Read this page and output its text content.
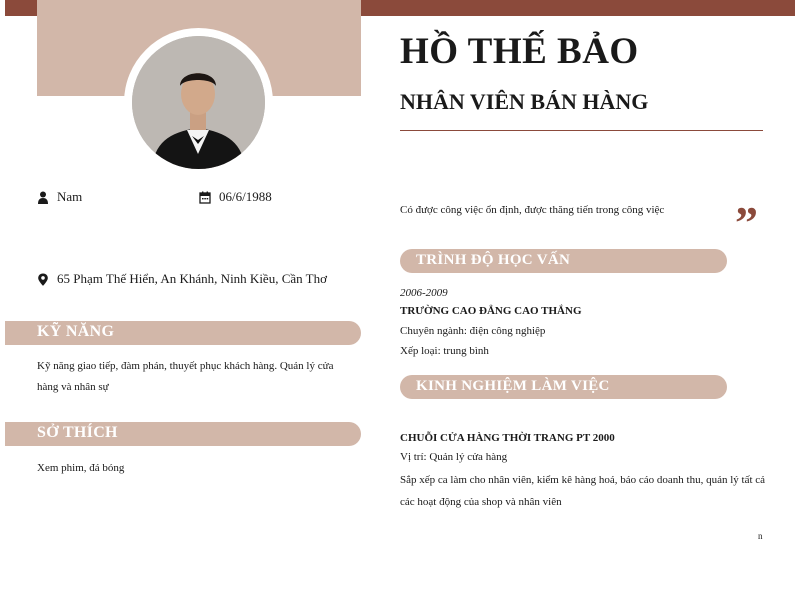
HỒ THẾ BẢO
NHÂN VIÊN BÁN HÀNG
Nam	06/6/1988
65 Phạm Thế Hiển, An Khánh, Ninh Kiều, Cần Thơ
KỸ NĂNG
Kỹ năng giao tiếp, đàm phán, thuyết phục khách hàng. Quản lý cửa hàng và nhân sự
SỞ THÍCH
Xem phim, đá bóng
Có được công việc ổn định, được thăng tiến trong công việc	”
TRÌNH ĐỘ HỌC VẤN
2006-2009
TRƯỜNG CAO ĐẲNG CAO THẮNG
Chuyên ngành: điện công nghiệp
Xếp loại: trung bình
KINH NGHIỆM LÀM VIỆC
CHUỖI CỬA HÀNG THỜI TRANG PT 2000
Vị trí: Quản lý cửa hàng
Sắp xếp ca làm cho nhân viên, kiểm kê hàng hoá, báo cáo doanh thu, quản lý tất cả các hoạt động của shop và nhân viên
n
